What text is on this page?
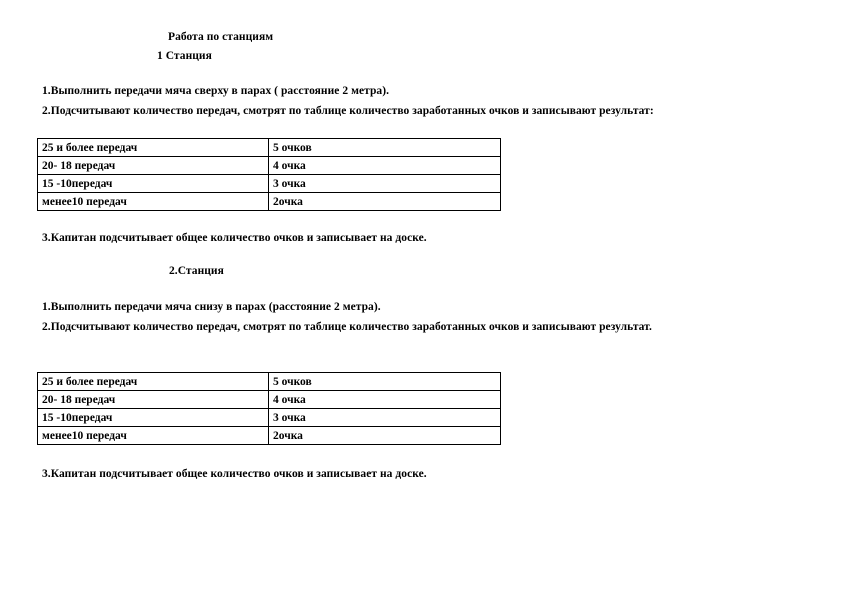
Работа по станциям
1 Станция
1.Выполнить передачи мяча сверху в парах ( расстояние 2 метра).
2.Подсчитывают количество передач, смотрят по таблице количество заработанных очков и записывают результат:
25 и более передач	5 очков
20- 18 передач	4 очка
15 -10передач	3 очка
менее10 передач	2очка
3.Капитан подсчитывает общее количество очков и записывает на доске.
2.Станция
1.Выполнить передачи мяча снизу в парах (расстояние 2 метра).
2.Подсчитывают количество передач, смотрят по таблице количество заработанных очков и записывают результат.
25 и более передач	5 очков
20- 18 передач	4 очка
15 -10передач	3 очка
менее10 передач	2очка
3.Капитан подсчитывает общее количество очков и записывает на доске.
